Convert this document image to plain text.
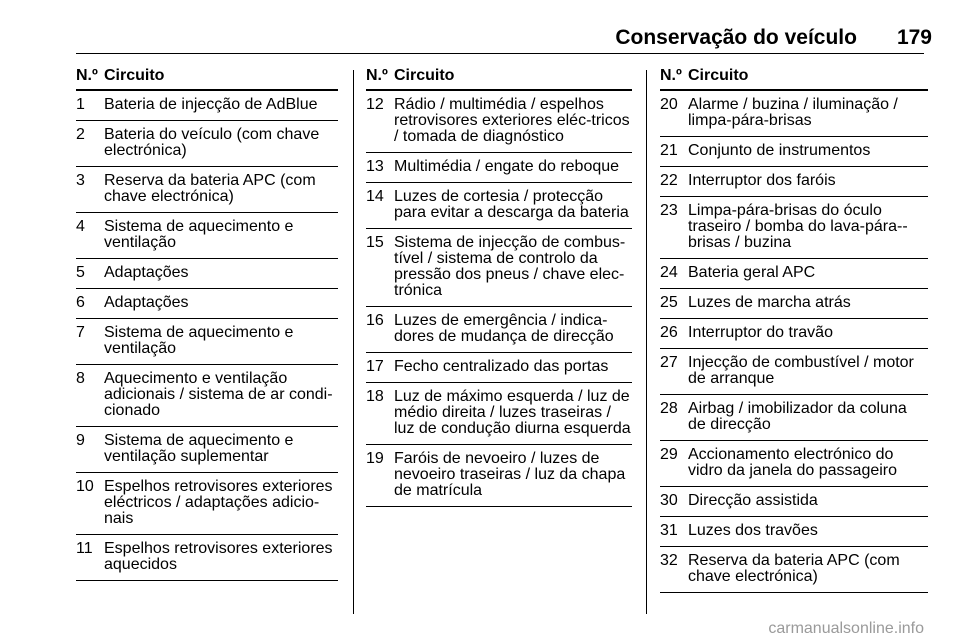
Conservação do veículo 179
N.º Circuito
1	Bateria de injecção de AdBlue
2	Bateria do veículo (com chave electrónica)
3	Reserva da bateria APC (com chave electrónica)
4	Sistema de aquecimento e ventilação
5	Adaptações
6	Adaptações
7	Sistema de aquecimento e ventilação
8	Aquecimento e ventilação adicionais / sistema de ar condi-cionado
9	Sistema de aquecimento e ventilação suplementar
10 Espelhos retrovisores exteriores eléctricos / adaptações adicio-nais
11 Espelhos retrovisores exteriores aquecidos
N.º Circuito
12 Rádio / multimédia / espelhos retrovisores exteriores eléc-tricos / tomada de diagnóstico
13 Multimédia / engate do reboque
14 Luzes de cortesia / protecção para evitar a descarga da bateria
15 Sistema de injecção de combus-tível / sistema de controlo da pressão dos pneus / chave elec-trónica
16 Luzes de emergência / indica-dores de mudança de direcção
17 Fecho centralizado das portas
18 Luz de máximo esquerda / luz de médio direita / luzes traseiras / luz de condução diurna esquerda
19 Faróis de nevoeiro / luzes de nevoeiro traseiras / luz da chapa de matrícula
N.º Circuito
20 Alarme / buzina / iluminação / limpa-pára-brisas
21 Conjunto de instrumentos
22 Interruptor dos faróis
23 Limpa-pára-brisas do óculo traseiro / bomba do lava-pára--brisas / buzina
24 Bateria geral APC
25 Luzes de marcha atrás
26 Interruptor do travão
27 Injecção de combustível / motor de arranque
28 Airbag / imobilizador da coluna de direcção
29 Accionamento electrónico do vidro da janela do passageiro
30 Direcção assistida
31 Luzes dos travões
32 Reserva da bateria APC (com chave electrónica)
carmanualsonline.info
